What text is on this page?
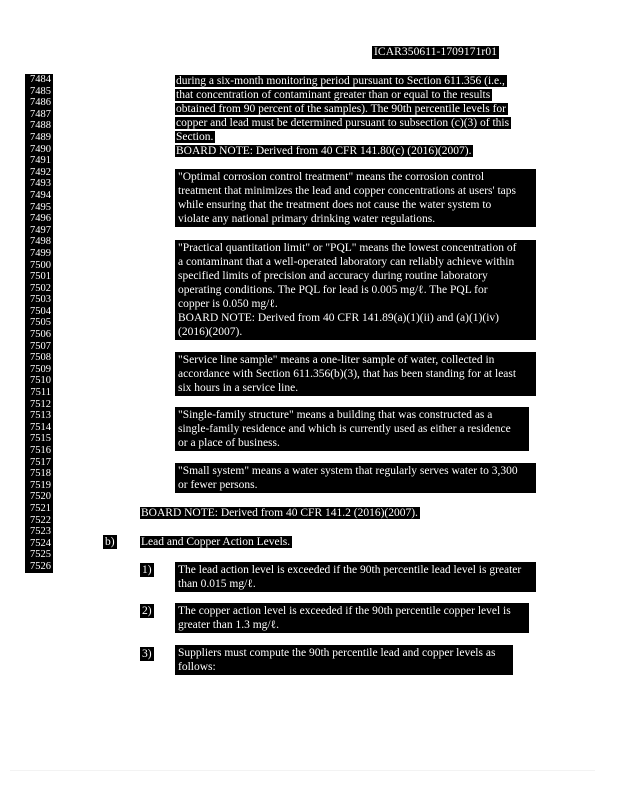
ICAR350611-1709171r01
7484
7485
7486
7487
7488
7489
7490
7491
7492
7493
7494
7495
7496
7497
7498
7499
7500
7501
7502
7503
7504
7505
7506
7507
7508
7509
7510
7511
7512
7513
7514
7515
7516
7517
7518
7519
7520
7521
7522
7523
7524
7525
7526
during a six-month monitoring period pursuant to Section 611.356 (i.e.,
that concentration of contaminant greater than or equal to the results
obtained from 90 percent of the samples). The 90th percentile levels for
copper and lead must be determined pursuant to subsection (c)(3) of this
Section.
BOARD NOTE: Derived from 40 CFR 141.80(c) (2016)(2007).
"Optimal corrosion control treatment" means the corrosion control
treatment that minimizes the lead and copper concentrations at users' taps
while ensuring that the treatment does not cause the water system to
violate any national primary drinking water regulations.
"Practical quantitation limit" or "PQL" means the lowest concentration of
a contaminant that a well-operated laboratory can reliably achieve within
specified limits of precision and accuracy during routine laboratory
operating conditions. The PQL for lead is 0.005 mg/ℓ. The PQL for
copper is 0.050 mg/ℓ.
BOARD NOTE: Derived from 40 CFR 141.89(a)(1)(ii) and (a)(1)(iv)
(2016)(2007).
"Service line sample" means a one-liter sample of water, collected in
accordance with Section 611.356(b)(3), that has been standing for at least
six hours in a service line.
"Single-family structure" means a building that was constructed as a
single-family residence and which is currently used as either a residence
or a place of business.
"Small system" means a water system that regularly serves water to 3,300
or fewer persons.
BOARD NOTE: Derived from 40 CFR 141.2 (2016)(2007).
b) Lead and Copper Action Levels.
1) The lead action level is exceeded if the 90th percentile lead level is greater
than 0.015 mg/ℓ.
2) The copper action level is exceeded if the 90th percentile copper level is
greater than 1.3 mg/ℓ.
3) Suppliers must compute the 90th percentile lead and copper levels as
follows:
